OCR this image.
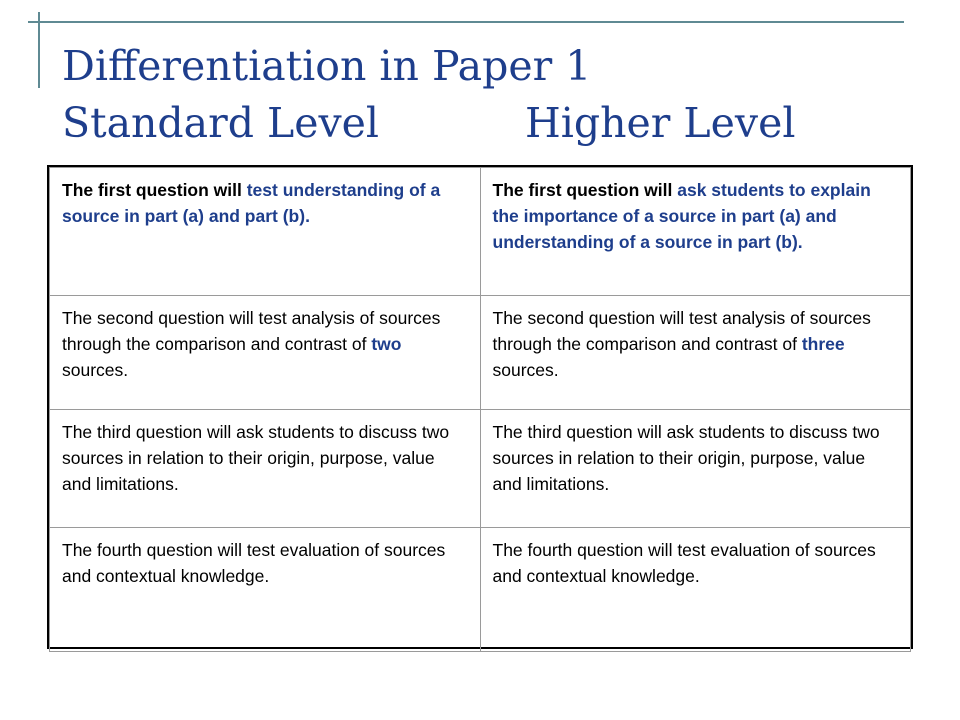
Differentiation in Paper 1
Standard Level	Higher Level
The first question will test understanding of a source in part (a) and part (b).	The first question will ask students to explain the importance of a source in part (a) and understanding of a source in part (b).
The second question will test analysis of sources through the comparison and contrast of two sources.	The second question will test analysis of sources through the comparison and contrast of three sources.
The third question will ask students to discuss two sources in relation to their origin, purpose, value and limitations.	The third question will ask students to discuss two sources in relation to their origin, purpose, value and limitations.
The fourth question will test evaluation of sources and contextual knowledge.	The fourth question will test evaluation of sources and contextual knowledge.
